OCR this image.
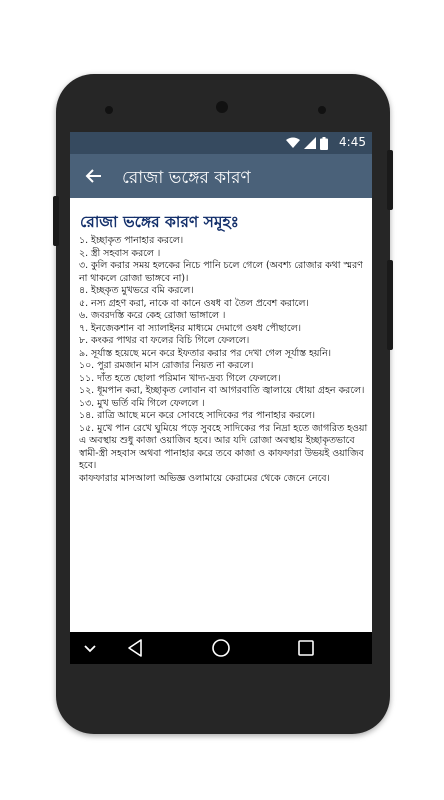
4:45
রোজা ভঙ্গের কারণ
রোজা ভঙ্গের কারণ সমূহঃ

১. ইচ্ছাকৃত পানাহার করলে।

২. স্ত্রী সহবাস করলে ।

৩. কুলি করার সময় হলকের নিচে পানি চলে গেলে (অবশ্য রোজার কথা স্মরণ না থাকলে রোজা ভাঙ্গবে না)।

৪. ইচ্ছকৃত মুখভরে বমি করলে।

৫. নস্য গ্রহণ করা, নাকে বা কানে ওষধ বা তৈল প্রবেশ করালে।

৬. জবরদস্তি করে কেহ রোজা ভাঙ্গালে ।

৭. ইনজেকশান বা স্যালাইনর মাধ্যমে দেমাগে ওষধ পৌছালে।

৮. কংকর পাথর বা ফলের বিচি গিলে ফেললে।

৯. সূর্যাস্ত হয়েছে মনে করে ইফতার করার পর দেখা গেল সূর্যাস্ত হয়নি।

১০. পুরা রমজান মাস রোজার নিয়ত না করলে।

১১. দাঁত হতে ছোলা পরিমান খাদ্য-দ্রব্য গিলে ফেললে।

১২. ধূমপান করা, ইচ্ছাকৃত লোবান বা আগরবাতি জ্বালায়ে ধোয়া গ্রহন করলে।

১৩. মুখ ভর্তি বমি গিলে ফেললে ।

১৪. রাত্রি আছে মনে করে সোবহে সাদিকের পর পানাহার করলে।

১৫. মুখে পান রেখে ঘুমিয়ে পড়ে সুবহে সাদিকের পর নিদ্রা হতে জাগরিত হওয়া এ অবস্থায় শুধু কাজা ওয়াজিব হবে। আর যদি রোজা অবস্থায় ইচ্ছাকৃতভাবে স্বামী-স্ত্রী সহবাস অথবা পানাহার করে তবে কাজা ও কাফফারা উভয়ই ওয়াজিব হবে।

কাফফারার মাসআলা অভিজ্ঞ ওলামায়ে কেরামের থেকে জেনে নেবে।
